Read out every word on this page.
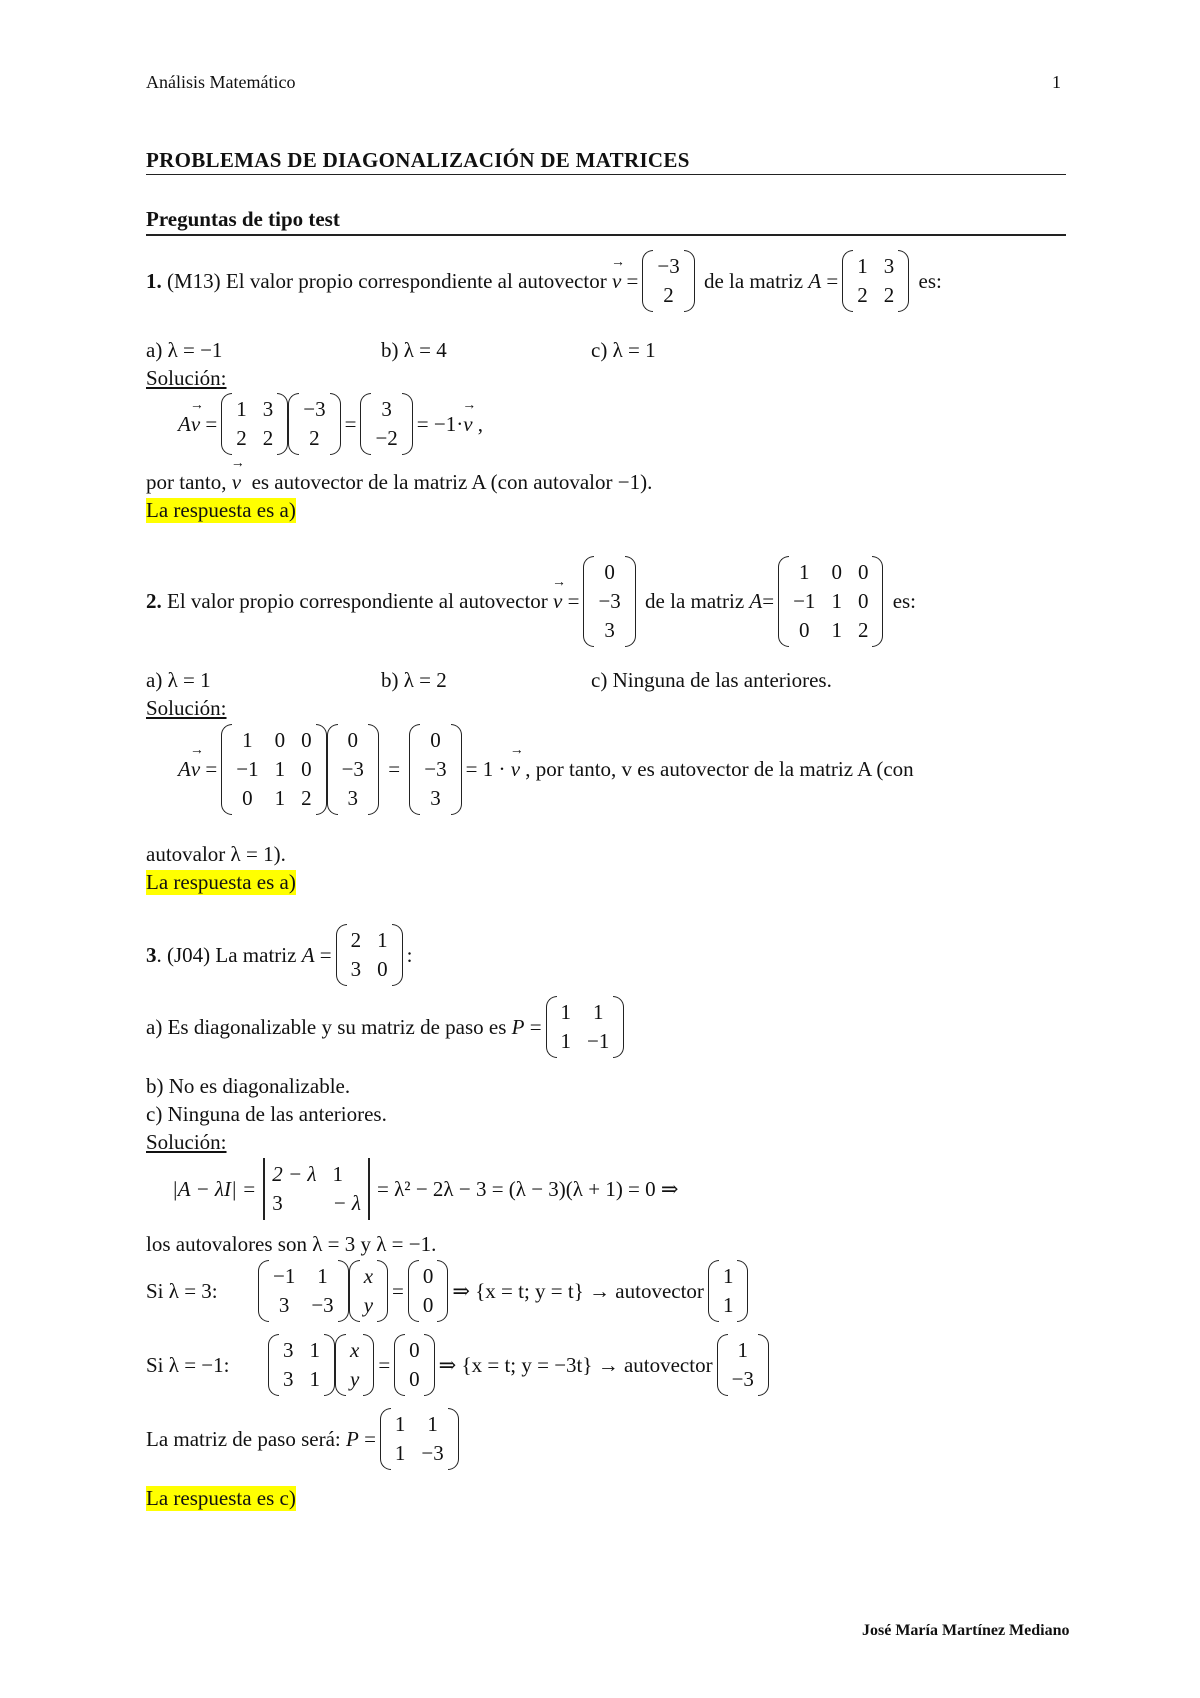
Análisis Matemático	1
PROBLEMAS DE DIAGONALIZACIÓN DE MATRICES
Preguntas de tipo test
1.
(M13) El valor propio correspondiente al autovector
→ v =
−3
2

de la matriz
A =
1 3
2 2

es:
a) λ = −1	b) λ = 4	c) λ = 1
Solución:
A → v =
1 3
2 2
−3
2
=
3
−2
= −1· → v ,
por tanto,
→ v
es autovector de la matriz A (con autovalor −1).
La respuesta es a)
2.
El valor propio correspondiente al autovector
→ v =
0
−3
3

de la matriz
A =
1 0 0
−1 1 0
0 1 2

es:
a) λ = 1	b) λ = 2	c) Ninguna de las anteriores.
Solución:
A → v =
1 0 0
−1 1 0
0 1 2
0
−3
3
=
0
−3
3
= 1 ·
→ v
, por tanto, v es autovector de la matriz A (con
autovalor λ = 1).
La respuesta es a)
3 . (J04) La matriz
A =
2 1
3 0
:
a) Es diagonalizable y su matriz de paso es
P =
1 1
1 −1
b) No es diagonalizable.
c) Ninguna de las anteriores.
Solución:
|A − λI| =
2 − λ 1
3	− λ
= λ² − 2λ − 3 = (λ − 3)(λ + 1) = 0 ⇒
los autovalores son λ = 3 y λ = −1.
Si λ = 3:
−1 1
3 −3
x
y
=
0
0
⇒ {x = t; y = t} → autovector
1
1
Si λ = −1:
3 1
3 1
x
y
=
0
0
⇒ {x = t; y = −3t} → autovector
1
−3
La matriz de paso será:
P =
1 1
1 −3
La respuesta es c)
José María Martínez Mediano
